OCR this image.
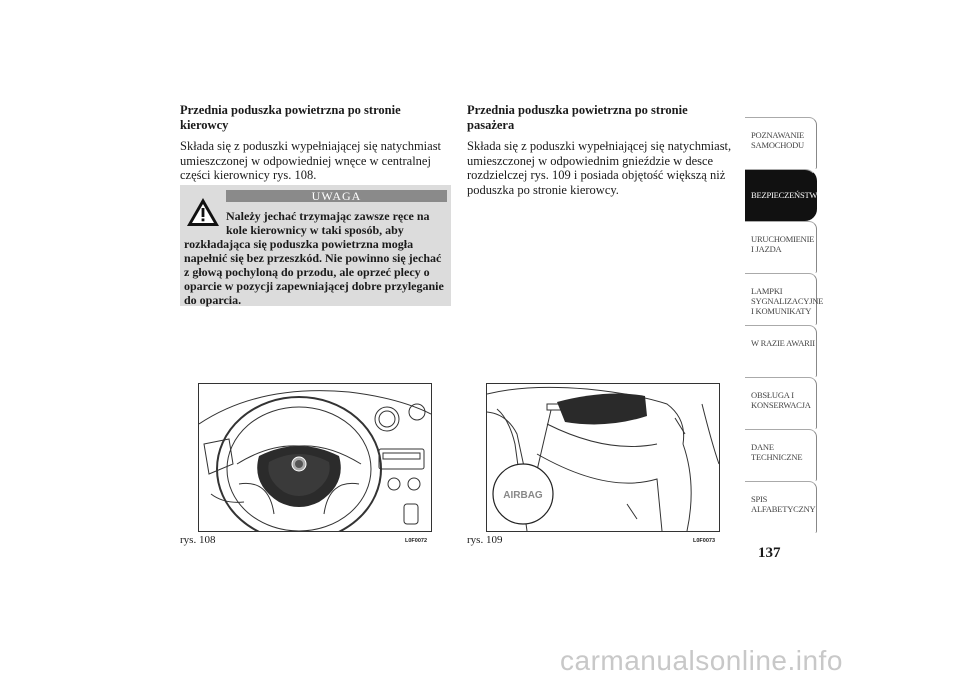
Przednia poduszka powietrzna po stronie kierowcy

Składa się z poduszki wypełniającej się natychmiast umieszczonej w odpowiedniej wnęce w centralnej części kierownicy rys. 108.

UWAGA
Należy jechać trzymając zawsze ręce na kole kierownicy w taki sposób, aby
rozkładająca się poduszka powietrzna mogła napełnić się bez przeszkód. Nie powinno się jechać z głową pochyloną do przodu, ale oprzeć plecy o oparcie w pozycji zapewniającej dobre przyleganie do oparcia.

Przednia poduszka powietrzna po stronie pasażera

Składa się z poduszki wypełniającej się natychmiast, umieszczonej w odpowiednim gnieździe w desce rozdzielczej rys. 109 i posiada objętość większą niż poduszka po stronie kierowcy.

rys. 108	L0F0072
AIRBAG
rys. 109	L0F0073
POZNAWANIE SAMOCHODU
BEZPIECZEŃSTWO
URUCHOMIENIE I JAZDA
LAMPKI SYGNALIZACYJNE I KOMUNIKATY
W RAZIE AWARII
OBSŁUGA I KONSERWACJA
DANE TECHNICZNE
SPIS ALFABETYCZNY
137
carmanualsonline.info
